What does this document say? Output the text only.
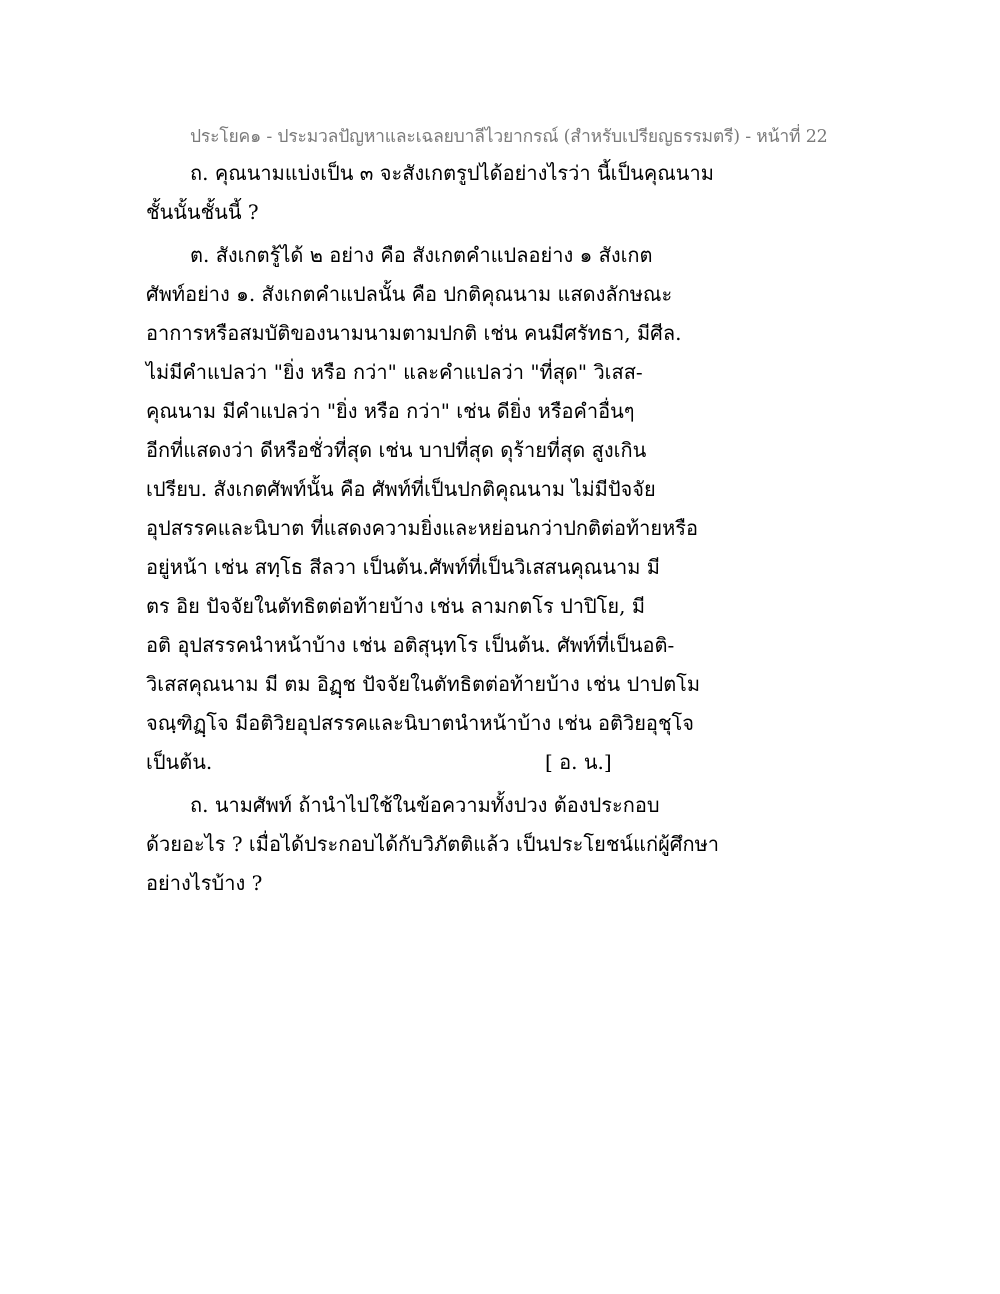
ประโยค๑ - ประมวลปัญหาและเฉลยบาลีไวยากรณ์ (สำหรับเปรียญธรรมตรี) - หน้าที่ 22
ถ. คุณนามแบ่งเป็น ๓ จะสังเกตรูปได้อย่างไรว่า นี้เป็นคุณนาม
ชั้นนั้นชั้นนี้ ?
ต. สังเกตรู้ได้ ๒ อย่าง คือ สังเกตคำแปลอย่าง ๑ สังเกต
ศัพท์อย่าง ๑. สังเกตคำแปลนั้น คือ ปกติคุณนาม แสดงลักษณะ
อาการหรือสมบัติของนามนามตามปกติ เช่น คนมีศรัทธา, มีศีล.
ไม่มีคำแปลว่า "ยิ่ง หรือ กว่า" และคำแปลว่า "ที่สุด" วิเสส-
คุณนาม มีคำแปลว่า "ยิ่ง หรือ กว่า" เช่น ดียิ่ง หรือคำอื่นๆ
อีกที่แสดงว่า ดีหรือชั่วที่สุด เช่น บาปที่สุด ดุร้ายที่สุด สูงเกิน
เปรียบ. สังเกตศัพท์นั้น คือ ศัพท์ที่เป็นปกติคุณนาม ไม่มีปัจจัย
อุปสรรคและนิบาต ที่แสดงความยิ่งและหย่อนกว่าปกติต่อท้ายหรือ
อยู่หน้า เช่น สทฺโธ สีลวา เป็นต้น.ศัพท์ที่เป็นวิเสสนคุณนาม มี
ตร อิย ปัจจัยในตัทธิตต่อท้ายบ้าง เช่น ลามกตโร ปาปิโย, มี
อติ อุปสรรคนำหน้าบ้าง เช่น อติสุนฺทโร เป็นต้น. ศัพท์ที่เป็นอติ-
วิเสสคุณนาม มี ตม อิฏฺช ปัจจัยในตัทธิตต่อท้ายบ้าง เช่น ปาปตโม
จณฺฑิฏฺโจ มีอติวิยอุปสรรคและนิบาตนำหน้าบ้าง เช่น อติวิยอุชุโจ
เป็นต้น.	[ อ. น.]
ถ. นามศัพท์ ถ้านำไปใช้ในข้อความทั้งปวง ต้องประกอบ
ด้วยอะไร ? เมื่อได้ประกอบได้กับวิภัตติแล้ว เป็นประโยชน์แก่ผู้ศึกษา
อย่างไรบ้าง ?
